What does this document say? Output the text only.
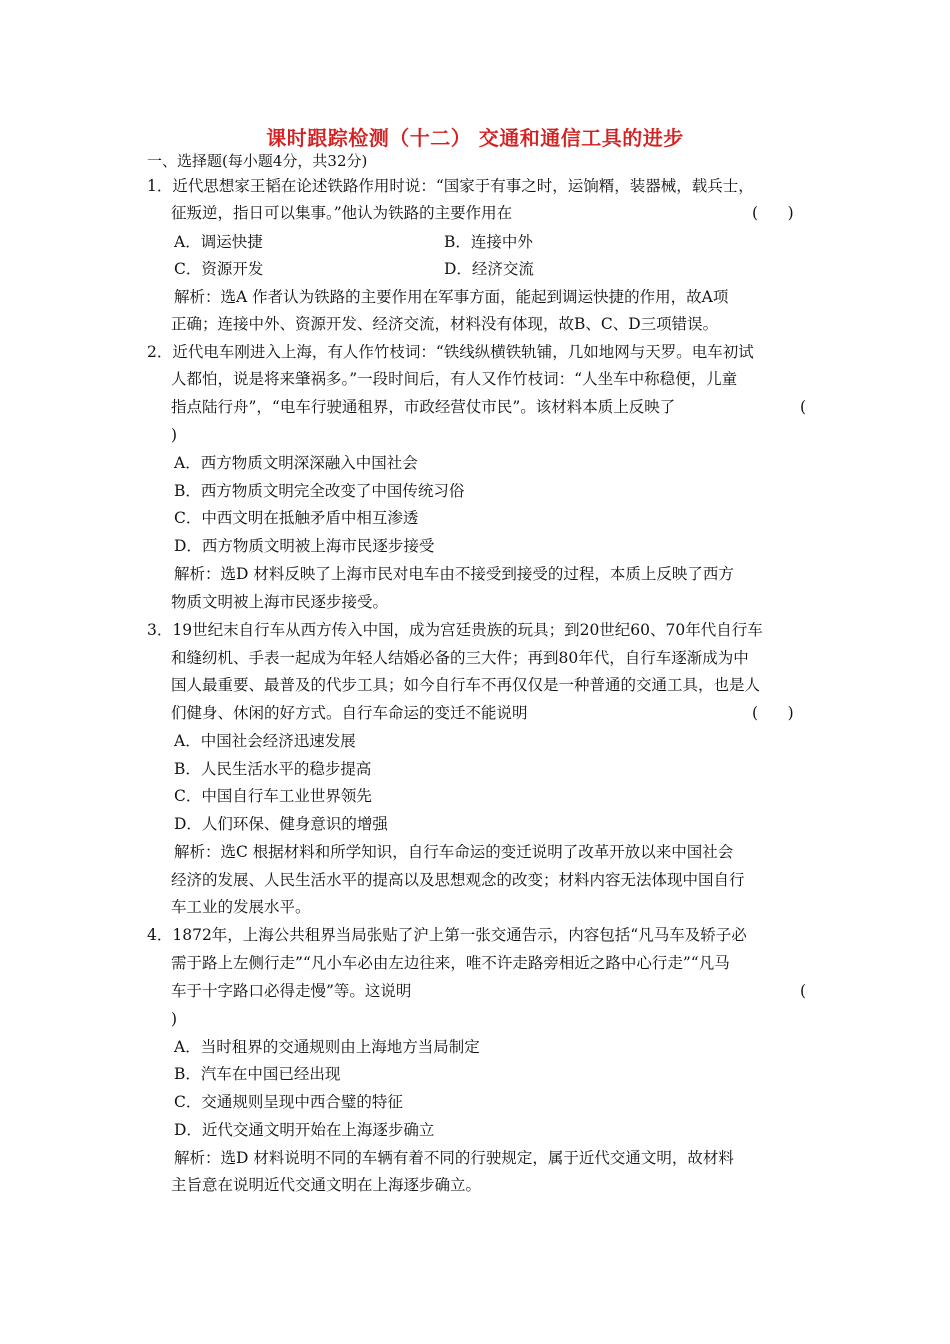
课时跟踪检测（十二） 交通和通信工具的进步
一、选择题(每小题4分，共32分)
1．近代思想家王韬在论述铁路作用时说：“国家于有事之时，运饷糈，装器械，载兵士，
征叛逆，指日可以集事。”他认为铁路的主要作用在	(      )
A．调运快捷	B．连接中外
C．资源开发	D．经济交流
解析：选A 作者认为铁路的主要作用在军事方面，能起到调运快捷的作用，故A项
正确；连接中外、资源开发、经济交流，材料没有体现，故B、C、D三项错误。
2．近代电车刚进入上海，有人作竹枝词：“铁线纵横铁轨铺，几如地网与天罗。电车初试
人都怕，说是将来肇祸多。”一段时间后，有人又作竹枝词：“人坐车中称稳便，儿童
指点陆行舟”，“电车行驶通租界，市政经营仗市民”。该材料本质上反映了	(
)
A．西方物质文明深深融入中国社会
B．西方物质文明完全改变了中国传统习俗
C．中西文明在抵触矛盾中相互渗透
D．西方物质文明被上海市民逐步接受
解析：选D 材料反映了上海市民对电车由不接受到接受的过程，本质上反映了西方
物质文明被上海市民逐步接受。
3．19世纪末自行车从西方传入中国，成为宫廷贵族的玩具；到20世纪60、70年代自行车
和缝纫机、手表一起成为年轻人结婚必备的三大件；再到80年代，自行车逐渐成为中
国人最重要、最普及的代步工具；如今自行车不再仅仅是一种普通的交通工具，也是人
们健身、休闲的好方式。自行车命运的变迁不能说明	(      )
A．中国社会经济迅速发展
B．人民生活水平的稳步提高
C．中国自行车工业世界领先
D．人们环保、健身意识的增强
解析：选C 根据材料和所学知识，自行车命运的变迁说明了改革开放以来中国社会
经济的发展、人民生活水平的提高以及思想观念的改变；材料内容无法体现中国自行
车工业的发展水平。
4．1872年，上海公共租界当局张贴了沪上第一张交通告示，内容包括“凡马车及轿子必
需于路上左侧行走”“凡小车必由左边往来，唯不许走路旁相近之路中心行走”“凡马
车于十字路口必得走慢”等。这说明	(
)
A．当时租界的交通规则由上海地方当局制定
B．汽车在中国已经出现
C．交通规则呈现中西合璧的特征
D．近代交通文明开始在上海逐步确立
解析：选D 材料说明不同的车辆有着不同的行驶规定，属于近代交通文明，故材料
主旨意在说明近代交通文明在上海逐步确立。
